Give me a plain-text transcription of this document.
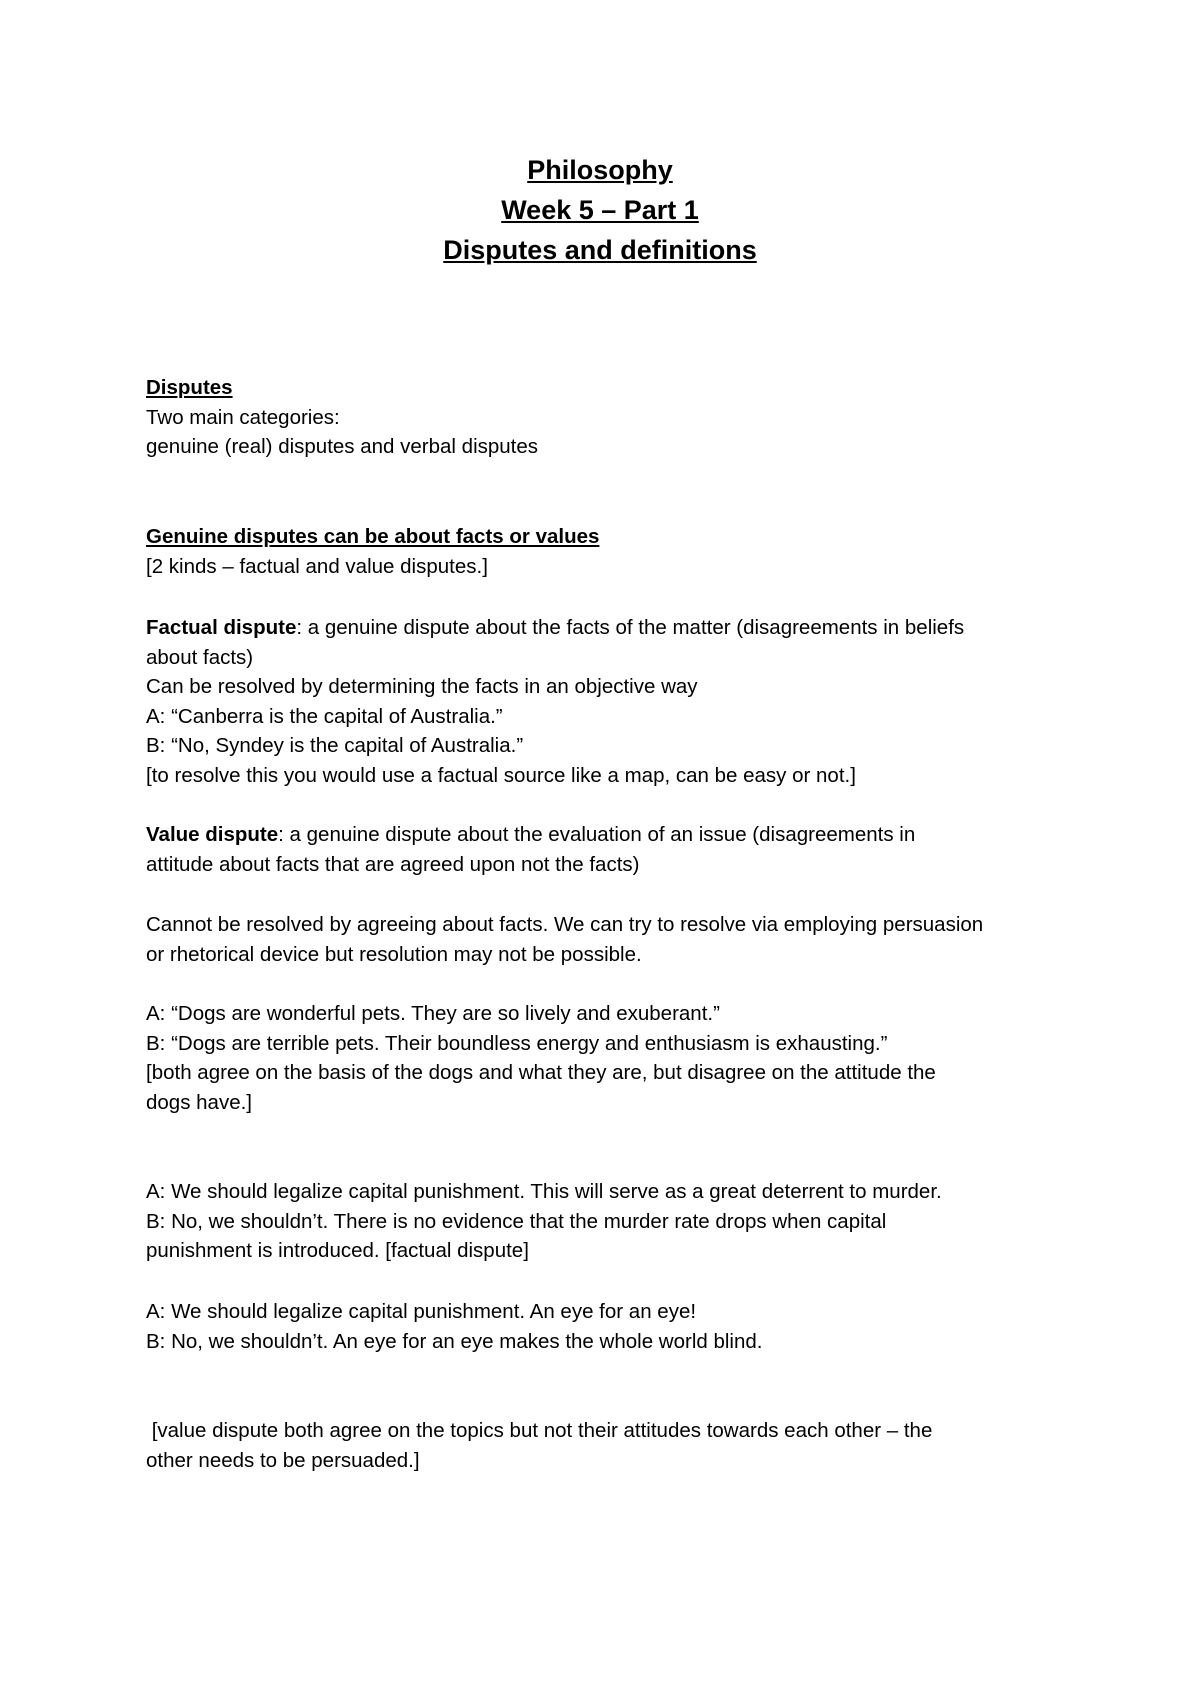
Philosophy

Week 5 – Part 1

Disputes and definitions

Disputes
Two main categories:
genuine (real) disputes and verbal disputes
Genuine disputes can be about facts or values
[2 kinds – factual and value disputes.]
Factual dispute: a genuine dispute about the facts of the matter (disagreements in beliefs
about facts)
Can be resolved by determining the facts in an objective way
A: “Canberra is the capital of Australia.”
B: “No, Syndey is the capital of Australia.”
[to resolve this you would use a factual source like a map, can be easy or not.]
Value dispute: a genuine dispute about the evaluation of an issue (disagreements in
attitude about facts that are agreed upon not the facts)
Cannot be resolved by agreeing about facts. We can try to resolve via employing persuasion
or rhetorical device but resolution may not be possible.
A: “Dogs are wonderful pets. They are so lively and exuberant.”
B: “Dogs are terrible pets. Their boundless energy and enthusiasm is exhausting.”
[both agree on the basis of the dogs and what they are, but disagree on the attitude the
dogs have.]
A: We should legalize capital punishment. This will serve as a great deterrent to murder.
B: No, we shouldn’t. There is no evidence that the murder rate drops when capital
punishment is introduced. [factual dispute]
A: We should legalize capital punishment. An eye for an eye!
B: No, we shouldn’t. An eye for an eye makes the whole world blind.
[value dispute both agree on the topics but not their attitudes towards each other – the
other needs to be persuaded.]
